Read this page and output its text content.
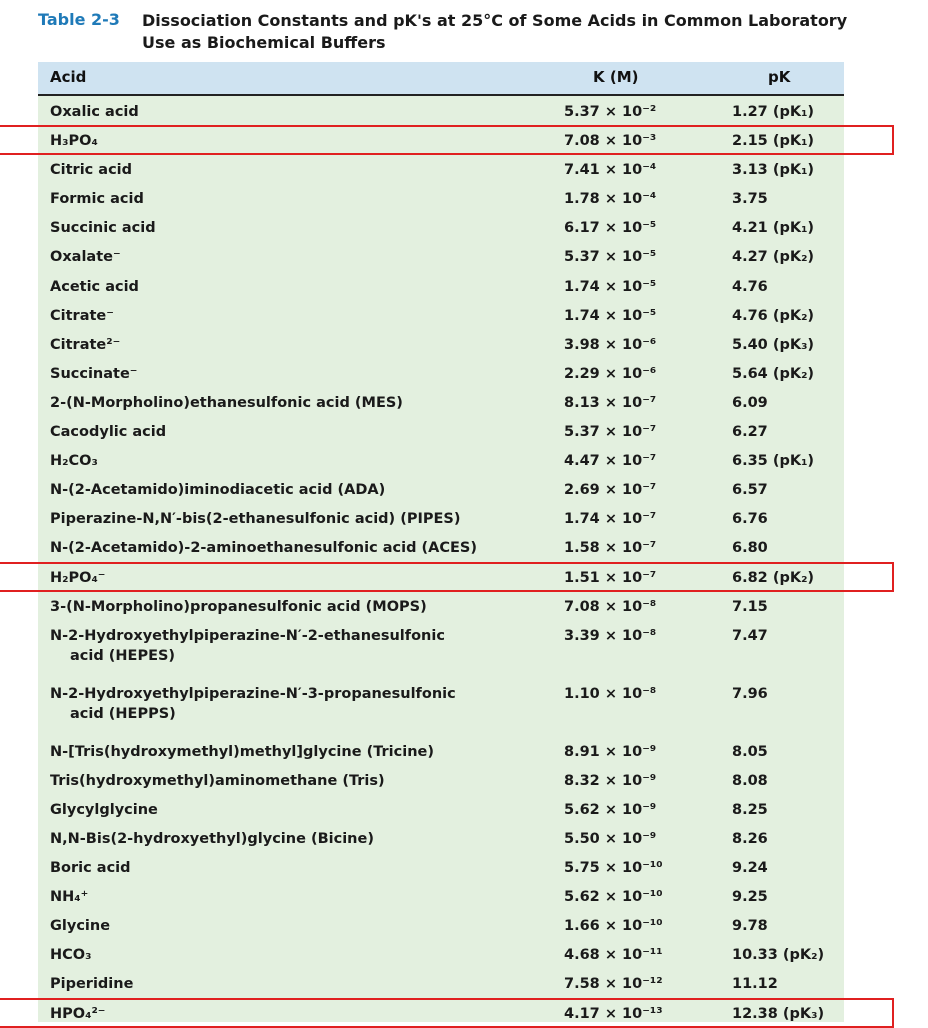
Table 2-3 Dissociation Constants and pK's at 25°C of Some Acids in Common Laboratory
Use as Biochemical Buffers
Acid	K (M)	pK
Oxalic acid	5.37 × 10⁻²	1.27 (pK₁)
H₃PO₄	7.08 × 10⁻³	2.15 (pK₁)
Citric acid	7.41 × 10⁻⁴	3.13 (pK₁)
Formic acid	1.78 × 10⁻⁴	3.75
Succinic acid	6.17 × 10⁻⁵	4.21 (pK₁)
Oxalate⁻	5.37 × 10⁻⁵	4.27 (pK₂)
Acetic acid	1.74 × 10⁻⁵	4.76
Citrate⁻	1.74 × 10⁻⁵	4.76 (pK₂)
Citrate²⁻	3.98 × 10⁻⁶	5.40 (pK₃)
Succinate⁻	2.29 × 10⁻⁶	5.64 (pK₂)
2-(N-Morpholino)ethanesulfonic acid (MES)	8.13 × 10⁻⁷	6.09
Cacodylic acid	5.37 × 10⁻⁷	6.27
H₂CO₃	4.47 × 10⁻⁷	6.35 (pK₁)
N-(2-Acetamido)iminodiacetic acid (ADA)	2.69 × 10⁻⁷	6.57
Piperazine-N,N′-bis(2-ethanesulfonic acid) (PIPES)	1.74 × 10⁻⁷	6.76
N-(2-Acetamido)-2-aminoethanesulfonic acid (ACES)	1.58 × 10⁻⁷	6.80
H₂PO₄⁻	1.51 × 10⁻⁷	6.82 (pK₂)
3-(N-Morpholino)propanesulfonic acid (MOPS)	7.08 × 10⁻⁸	7.15
N-2-Hydroxyethylpiperazine-N′-2-ethanesulfonic
acid (HEPES)
3.39 × 10⁻⁸	7.47
N-2-Hydroxyethylpiperazine-N′-3-propanesulfonic
acid (HEPPS)
1.10 × 10⁻⁸	7.96
N-[Tris(hydroxymethyl)methyl]glycine (Tricine)	8.91 × 10⁻⁹	8.05
Tris(hydroxymethyl)aminomethane (Tris)	8.32 × 10⁻⁹	8.08
Glycylglycine	5.62 × 10⁻⁹	8.25
N,N-Bis(2-hydroxyethyl)glycine (Bicine)	5.50 × 10⁻⁹	8.26
Boric acid	5.75 × 10⁻¹⁰	9.24
NH₄⁺	5.62 × 10⁻¹⁰	9.25
Glycine	1.66 × 10⁻¹⁰	9.78
HCO₃	4.68 × 10⁻¹¹	10.33 (pK₂)
Piperidine	7.58 × 10⁻¹²	11.12
HPO₄²⁻	4.17 × 10⁻¹³	12.38 (pK₃)
